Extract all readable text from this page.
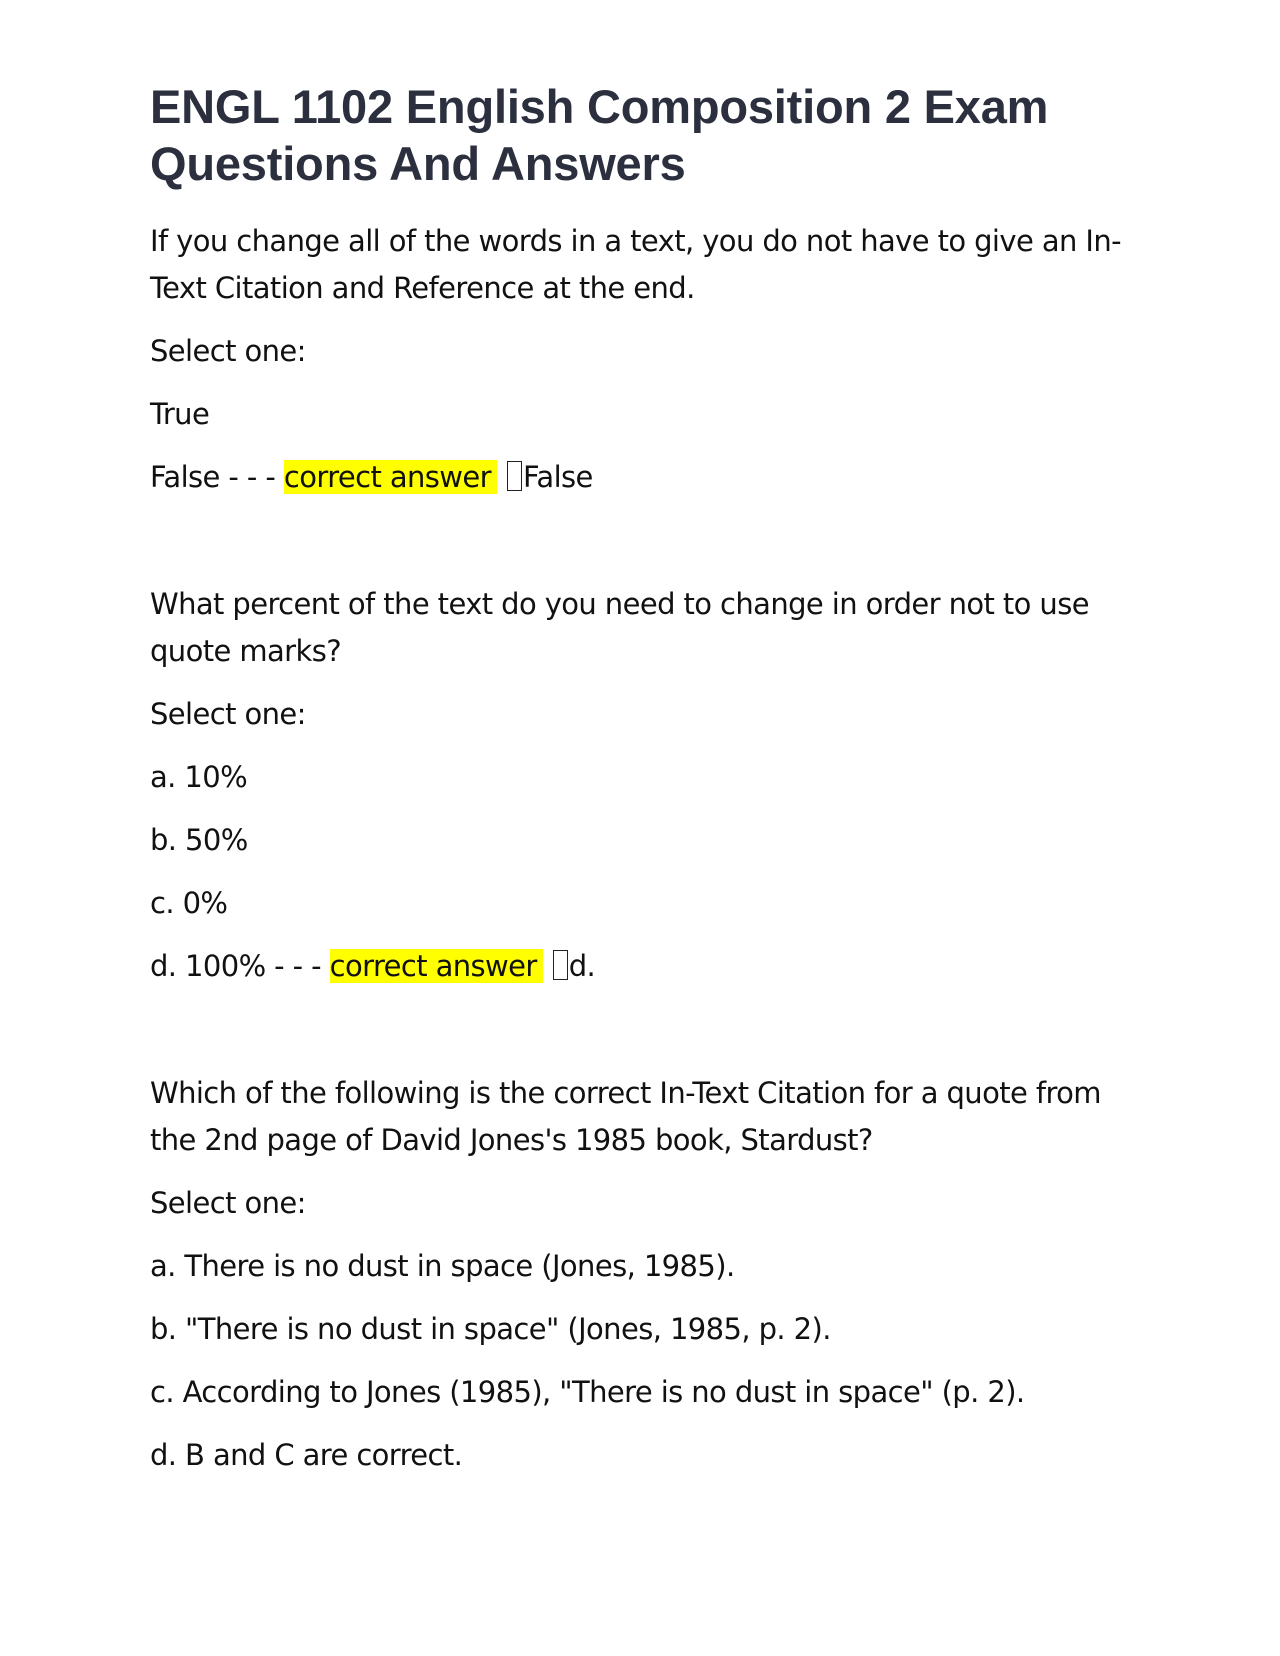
ENGL 1102 English Composition 2 Exam Questions And Answers

If you change all of the words in a text, you do not have to give an In-Text Citation and Reference at the end.

Select one:

True

False - - - correct answer False

What percent of the text do you need to change in order not to use quote marks?

Select one:

a. 10%

b. 50%

c. 0%

d. 100% - - - correct answer d.

Which of the following is the correct In-Text Citation for a quote from the 2nd page of David Jones's 1985 book, Stardust?

Select one:

a. There is no dust in space (Jones, 1985).

b. "There is no dust in space" (Jones, 1985, p. 2).

c. According to Jones (1985), "There is no dust in space" (p. 2).

d. B and C are correct.
